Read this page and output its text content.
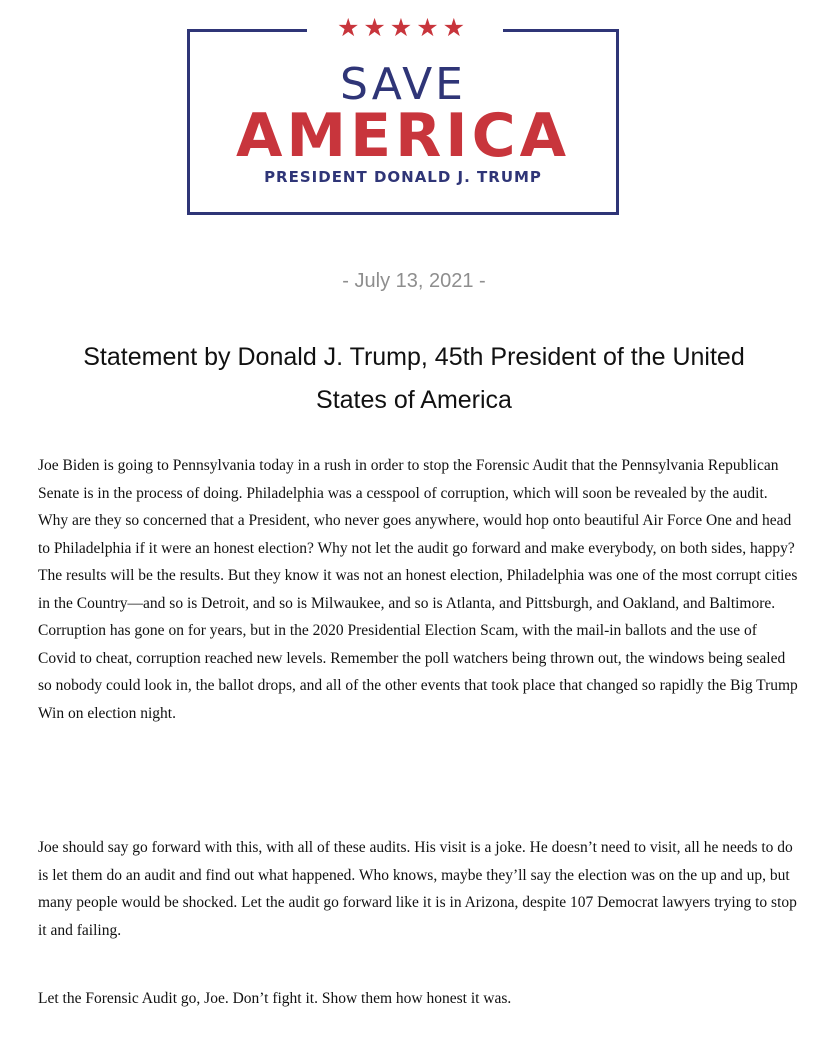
★★★★★
SAVE
AMERICA
PRESIDENT DONALD J. TRUMP
- July 13, 2021 -
Statement by Donald J. Trump, 45th President of the United States of America

Joe Biden is going to Pennsylvania today in a rush in order to stop the Forensic Audit that the Pennsylvania Republican Senate is in the process of doing. Philadelphia was a cesspool of corruption, which will soon be revealed by the audit. Why are they so concerned that a President, who never goes anywhere, would hop onto beautiful Air Force One and head to Philadelphia if it were an honest election? Why not let the audit go forward and make everybody, on both sides, happy? The results will be the results. But they know it was not an honest election, Philadelphia was one of the most corrupt cities in the Country—and so is Detroit, and so is Milwaukee, and so is Atlanta, and Pittsburgh, and Oakland, and Baltimore. Corruption has gone on for years, but in the 2020 Presidential Election Scam, with the mail-in ballots and the use of Covid to cheat, corruption reached new levels. Remember the poll watchers being thrown out, the windows being sealed so nobody could look in, the ballot drops, and all of the other events that took place that changed so rapidly the Big Trump Win on election night.

Joe should say go forward with this, with all of these audits. His visit is a joke. He doesn’t need to visit, all he needs to do is let them do an audit and find out what happened. Who knows, maybe they’ll say the election was on the up and up, but many people would be shocked. Let the audit go forward like it is in Arizona, despite 107 Democrat lawyers trying to stop it and failing.

Let the Forensic Audit go, Joe. Don’t fight it. Show them how honest it was.
